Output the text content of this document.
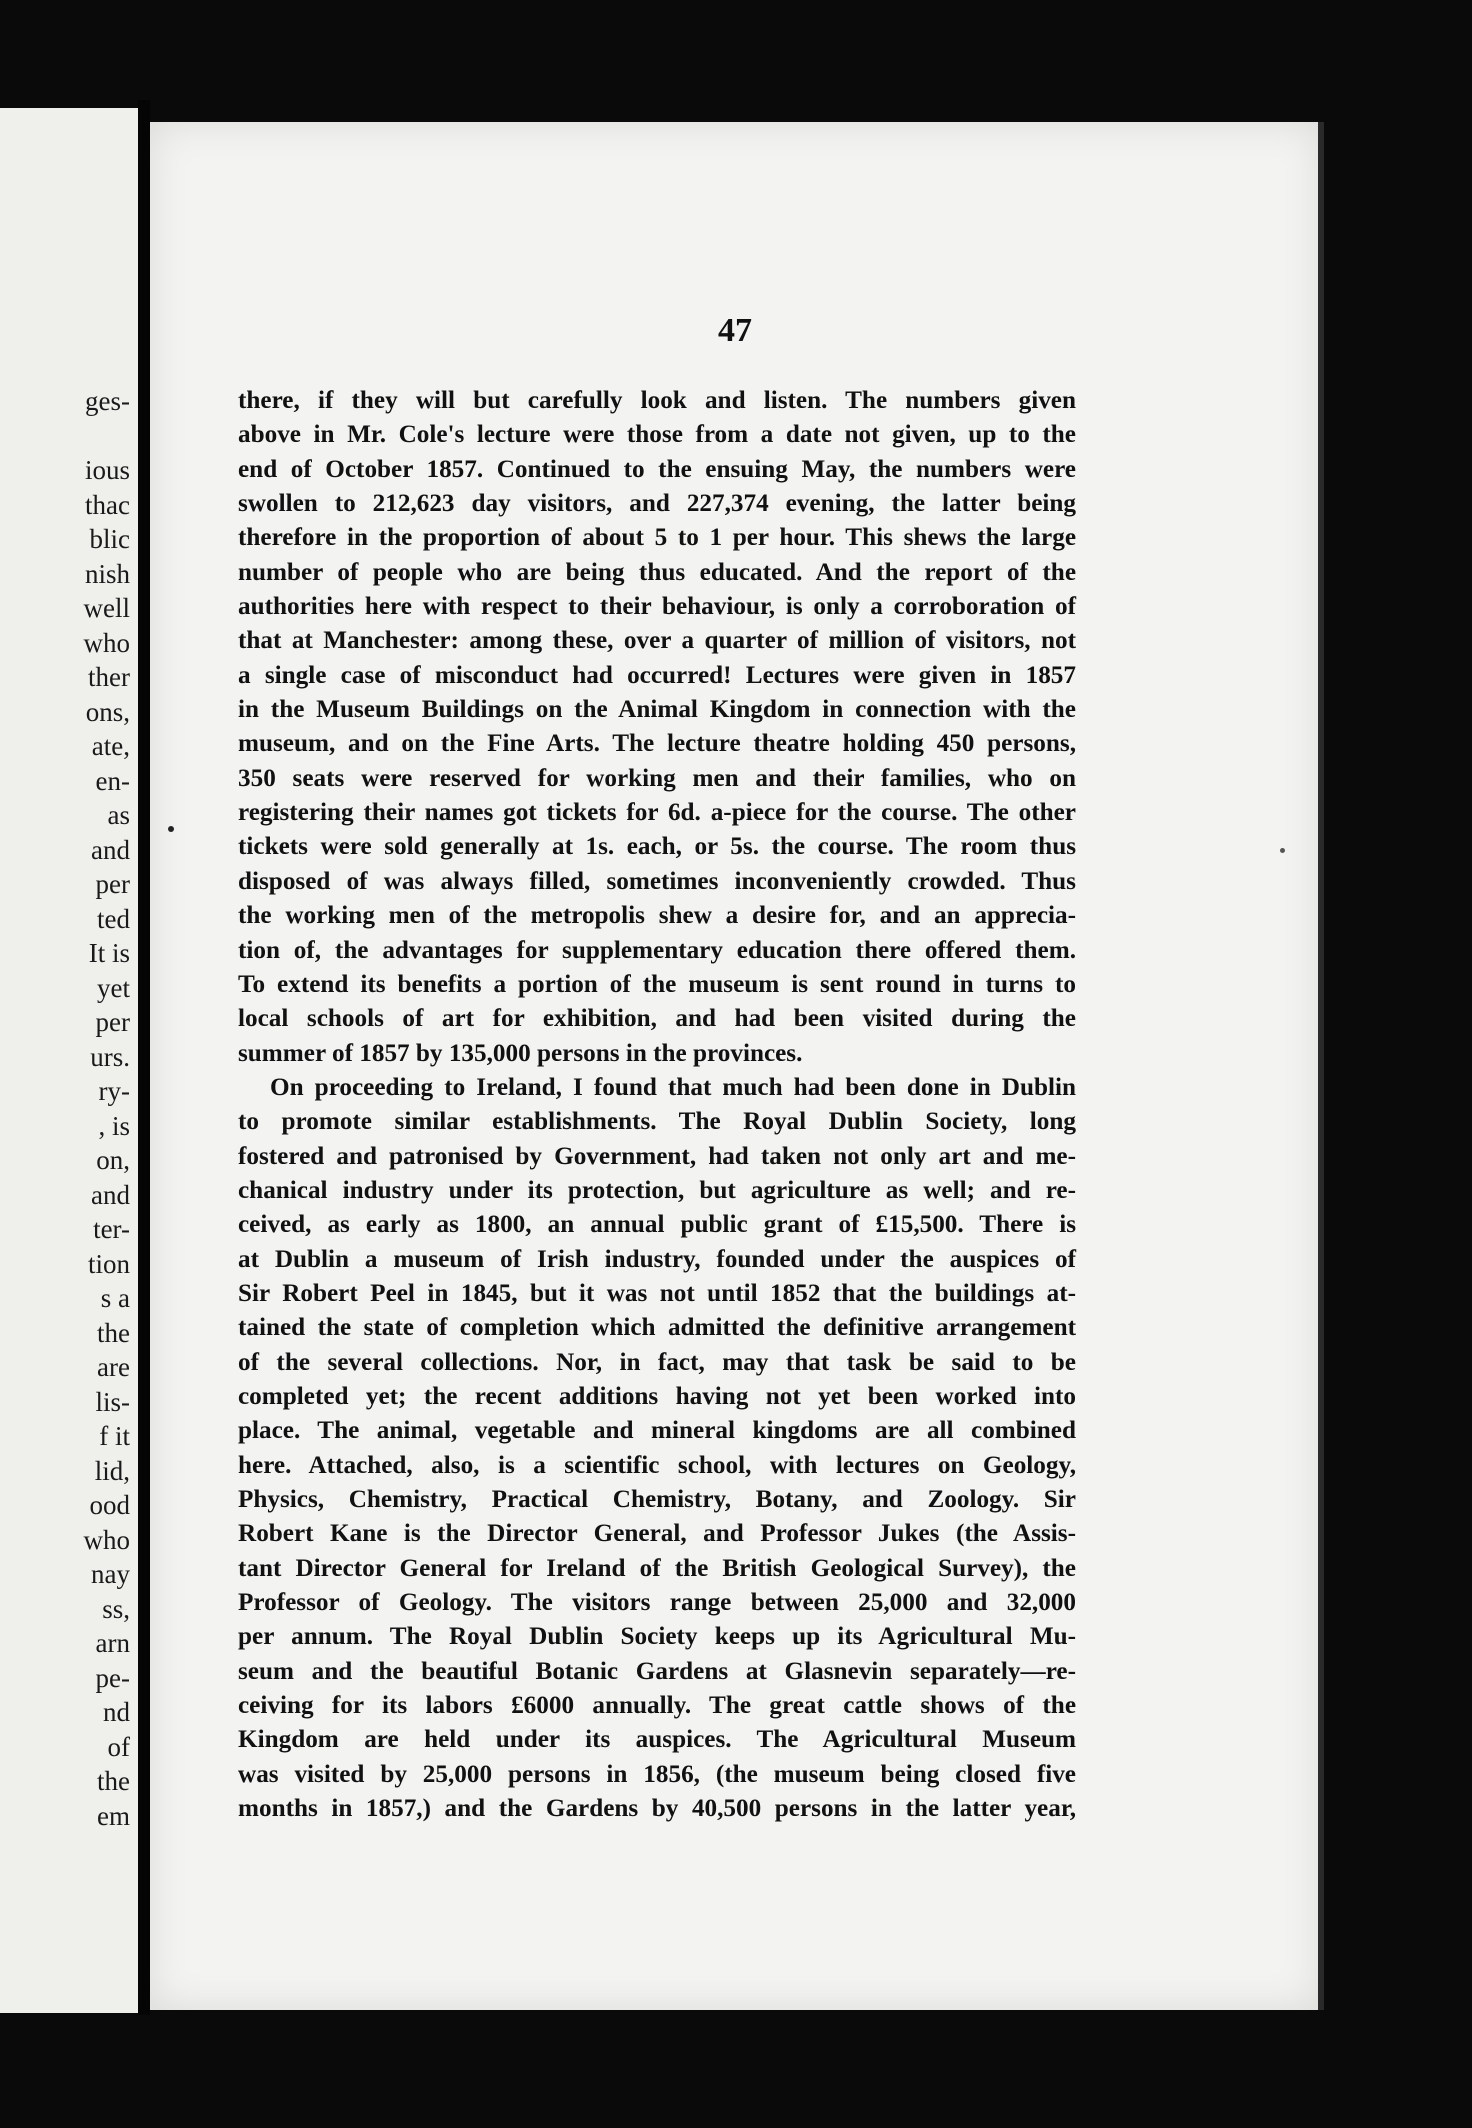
ges-
ious
thac
blic
nish
well
who
ther
ons,
ate,
en-
as
and
per
ted
It is
yet
per
urs.
ry-
, is
on,
and
ter-
tion
s a
the
are
lis-
f it
lid,
ood
who
nay
ss,
arn
pe-
nd
of
the
em
47
there, if they will but carefully look and listen. The numbers given
above in Mr. Cole's lecture were those from a date not given, up to the
end of October 1857. Continued to the ensuing May, the numbers were
swollen to 212,623 day visitors, and 227,374 evening, the latter being
therefore in the proportion of about 5 to 1 per hour. This shews the large
number of people who are being thus educated. And the report of the
authorities here with respect to their behaviour, is only a corroboration of
that at Manchester: among these, over a quarter of million of visitors, not
a single case of misconduct had occurred! Lectures were given in 1857
in the Museum Buildings on the Animal Kingdom in connection with the
museum, and on the Fine Arts. The lecture theatre holding 450 persons,
350 seats were reserved for working men and their families, who on
registering their names got tickets for 6d. a-piece for the course. The other
tickets were sold generally at 1s. each, or 5s. the course. The room thus
disposed of was always filled, sometimes inconveniently crowded. Thus
the working men of the metropolis shew a desire for, and an apprecia-
tion of, the advantages for supplementary education there offered them.
To extend its benefits a portion of the museum is sent round in turns to
local schools of art for exhibition, and had been visited during the
summer of 1857 by 135,000 persons in the provinces.
On proceeding to Ireland, I found that much had been done in Dublin
to promote similar establishments. The Royal Dublin Society, long
fostered and patronised by Government, had taken not only art and me-
chanical industry under its protection, but agriculture as well; and re-
ceived, as early as 1800, an annual public grant of £15,500. There is
at Dublin a museum of Irish industry, founded under the auspices of
Sir Robert Peel in 1845, but it was not until 1852 that the buildings at-
tained the state of completion which admitted the definitive arrangement
of the several collections. Nor, in fact, may that task be said to be
completed yet; the recent additions having not yet been worked into
place. The animal, vegetable and mineral kingdoms are all combined
here. Attached, also, is a scientific school, with lectures on Geology,
Physics, Chemistry, Practical Chemistry, Botany, and Zoology. Sir
Robert Kane is the Director General, and Professor Jukes (the Assis-
tant Director General for Ireland of the British Geological Survey), the
Professor of Geology. The visitors range between 25,000 and 32,000
per annum. The Royal Dublin Society keeps up its Agricultural Mu-
seum and the beautiful Botanic Gardens at Glasnevin separately—re-
ceiving for its labors £6000 annually. The great cattle shows of the
Kingdom are held under its auspices. The Agricultural Museum
was visited by 25,000 persons in 1856, (the museum being closed five
months in 1857,) and the Gardens by 40,500 persons in the latter year,
